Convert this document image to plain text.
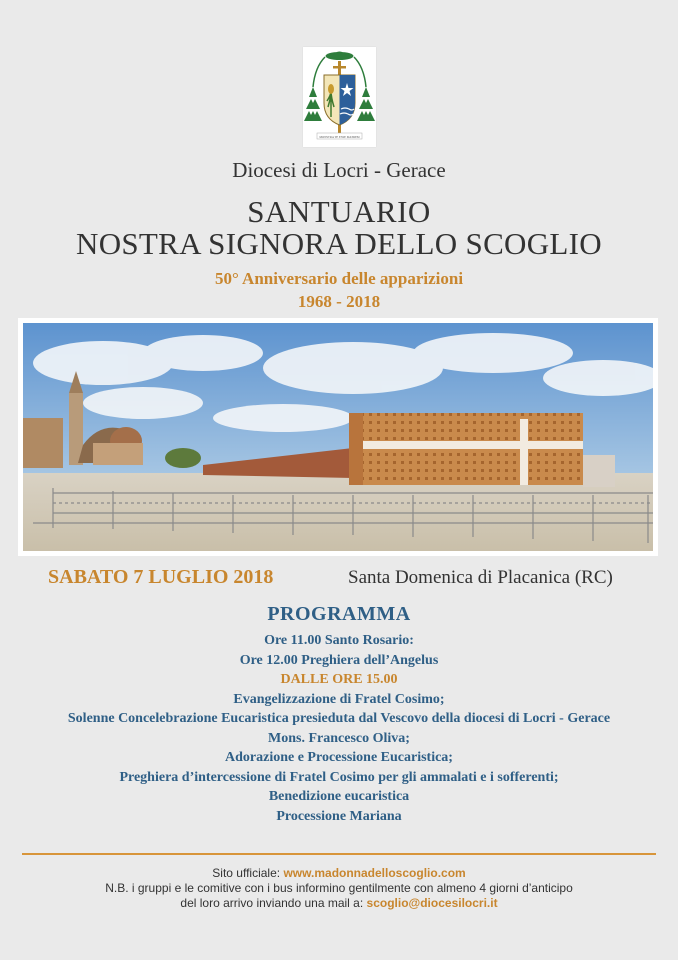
MONSTRA TE ESSE MATREM
Diocesi di Locri - Gerace
SANTUARIO
NOSTRA SIGNORA DELLO SCOGLIO
50° Anniversario delle apparizioni
1968 - 2018
SABATO 7 LUGLIO 2018	Santa Domenica di Placanica (RC)
PROGRAMMA
Ore 11.00 Santo Rosario:
Ore 12.00 Preghiera dell’Angelus
DALLE ORE 15.00
Evangelizzazione di Fratel Cosimo;
Solenne Concelebrazione Eucaristica presieduta dal Vescovo della diocesi di Locri - Gerace
Mons. Francesco Oliva;
Adorazione e Processione Eucaristica;
Preghiera d’intercessione di Fratel Cosimo per gli ammalati e i sofferenti;
Benedizione eucaristica
Processione Mariana
Sito ufficiale: www.madonnadelloscoglio.com
N.B. i gruppi e le comitive con i bus informino gentilmente con almeno 4 giorni d’anticipo
del loro arrivo inviando una mail a: scoglio@diocesilocri.it
